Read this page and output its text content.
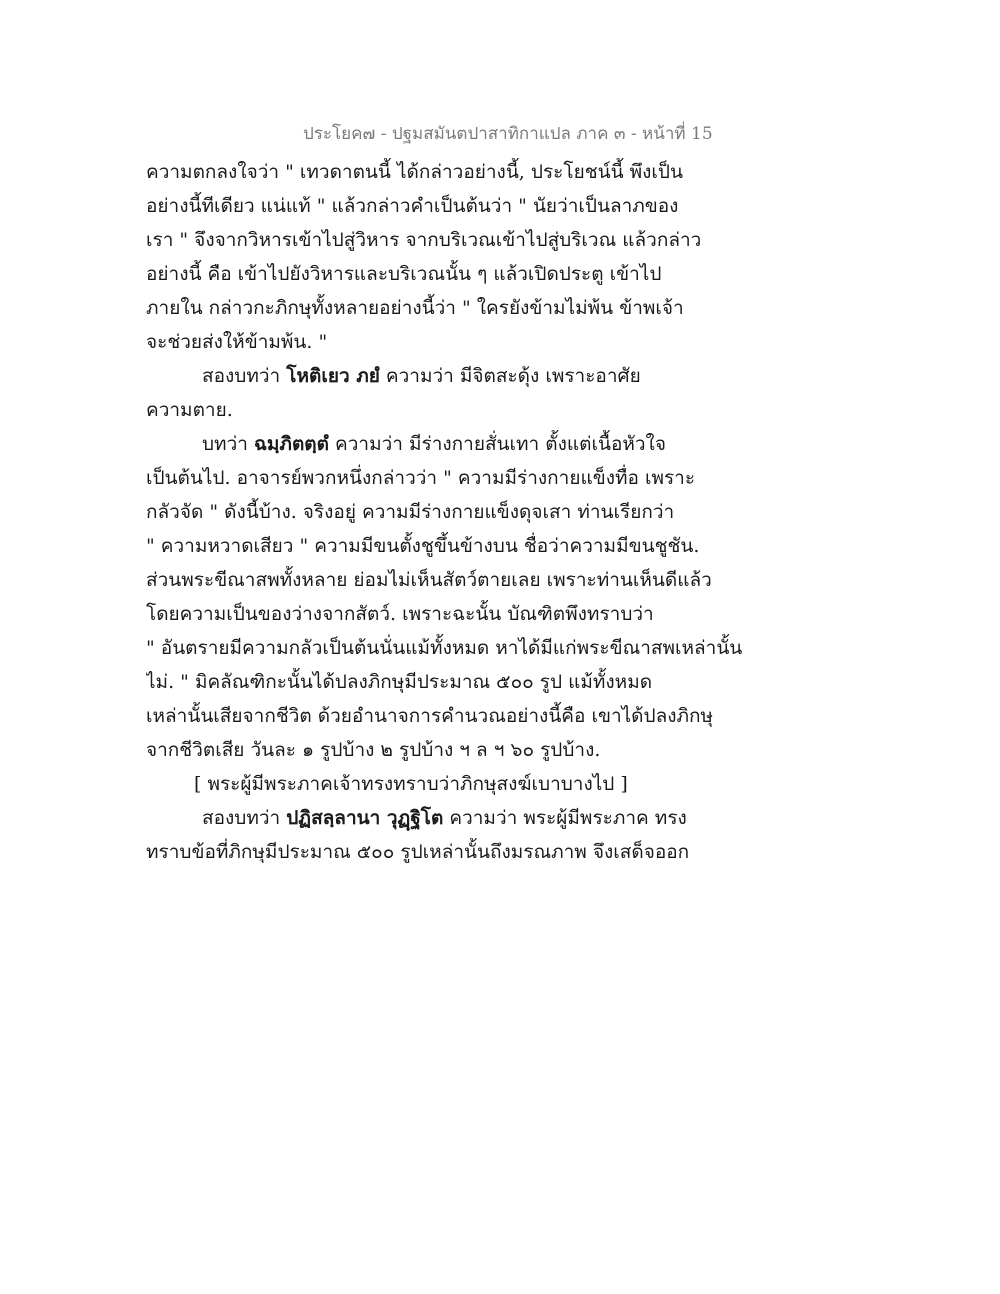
ประโยค๗ - ปฐมสมันตปาสาทิกาแปล ภาค ๓ - หน้าที่ 15
ความตกลงใจว่า " เทวดาตนนี้ ได้กล่าวอย่างนี้, ประโยชน์นี้ พึงเป็น
อย่างนี้ทีเดียว แน่แท้ " แล้วกล่าวคำเป็นต้นว่า " นัยว่าเป็นลาภของ
เรา " จึงจากวิหารเข้าไปสู่วิหาร จากบริเวณเข้าไปสู่บริเวณ แล้วกล่าว
อย่างนี้ คือ เข้าไปยังวิหารและบริเวณนั้น ๆ แล้วเปิดประตู เข้าไป
ภายใน กล่าวกะภิกษุทั้งหลายอย่างนี้ว่า " ใครยังข้ามไม่พ้น ข้าพเจ้า
จะช่วยส่งให้ข้ามพ้น. "
สองบทว่า โหติเยว ภยํ ความว่า มีจิตสะดุ้ง เพราะอาศัย
ความตาย.
บทว่า ฉมฺภิตตฺตํ ความว่า มีร่างกายสั่นเทา ตั้งแต่เนื้อหัวใจ
เป็นต้นไป. อาจารย์พวกหนึ่งกล่าวว่า " ความมีร่างกายแข็งทื่อ เพราะ
กลัวจัด " ดังนี้บ้าง. จริงอยู่ ความมีร่างกายแข็งดุจเสา ท่านเรียกว่า
" ความหวาดเสียว " ความมีขนตั้งชูขึ้นข้างบน ชื่อว่าความมีขนชูชัน.
ส่วนพระขีณาสพทั้งหลาย ย่อมไม่เห็นสัตว์ตายเลย เพราะท่านเห็นดีแล้ว
โดยความเป็นของว่างจากสัตว์. เพราะฉะนั้น บัณฑิตพึงทราบว่า
" อันตรายมีความกลัวเป็นต้นนั่นแม้ทั้งหมด หาได้มีแก่พระขีณาสพเหล่านั้น
ไม่. " มิคลัณฑิกะนั้นได้ปลงภิกษุมีประมาณ ๕๐๐ รูป แม้ทั้งหมด
เหล่านั้นเสียจากชีวิต ด้วยอำนาจการคำนวณอย่างนี้คือ เขาได้ปลงภิกษุ
จากชีวิตเสีย วันละ ๑ รูปบ้าง ๒ รูปบ้าง ฯ ล ฯ ๖๐ รูปบ้าง.
[ พระผู้มีพระภาคเจ้าทรงทราบว่าภิกษุสงฆ์เบาบางไป ]
สองบทว่า ปฏิสลฺลานา วุฏฺฐิโต ความว่า พระผู้มีพระภาค ทรง
ทราบข้อที่ภิกษุมีประมาณ ๕๐๐ รูปเหล่านั้นถึงมรณภาพ จึงเสด็จออก
